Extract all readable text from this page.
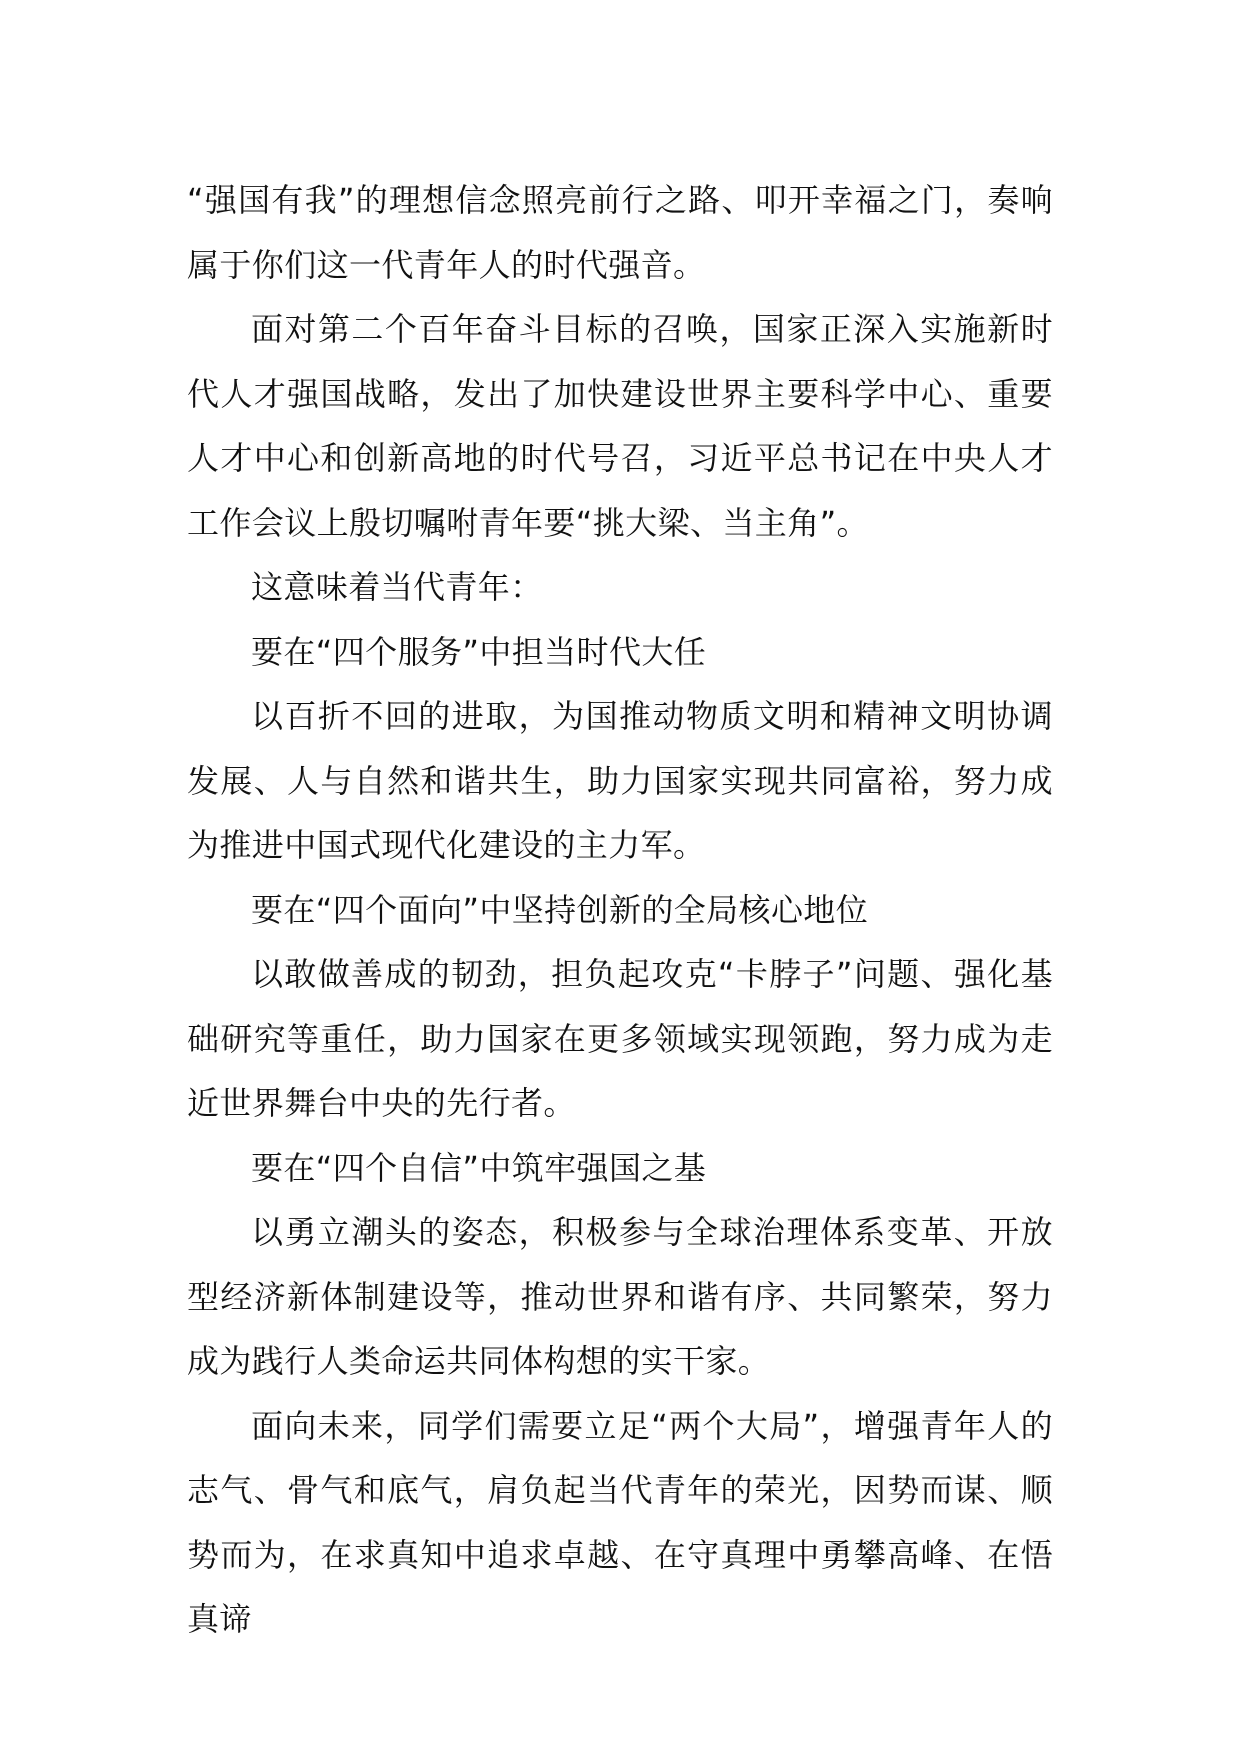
“强国有我”的理想信念照亮前行之路、叩开幸福之门，奏响属于你们这一代青年人的时代强音。

面对第二个百年奋斗目标的召唤，国家正深入实施新时代人才强国战略，发出了加快建设世界主要科学中心、重要人才中心和创新高地的时代号召，习近平总书记在中央人才工作会议上殷切嘱咐青年要“挑大梁、当主角”。

这意味着当代青年：

要在“四个服务”中担当时代大任

以百折不回的进取，为国推动物质文明和精神文明协调发展、人与自然和谐共生，助力国家实现共同富裕，努力成为推进中国式现代化建设的主力军。

要在“四个面向”中坚持创新的全局核心地位

以敢做善成的韧劲，担负起攻克“卡脖子”问题、强化基础研究等重任，助力国家在更多领域实现领跑，努力成为走近世界舞台中央的先行者。

要在“四个自信”中筑牢强国之基

以勇立潮头的姿态，积极参与全球治理体系变革、开放型经济新体制建设等，推动世界和谐有序、共同繁荣，努力成为践行人类命运共同体构想的实干家。

面向未来，同学们需要立足“两个大局”，增强青年人的志气、骨气和底气，肩负起当代青年的荣光，因势而谋、顺势而为，在求真知中追求卓越、在守真理中勇攀高峰、在悟真谛
